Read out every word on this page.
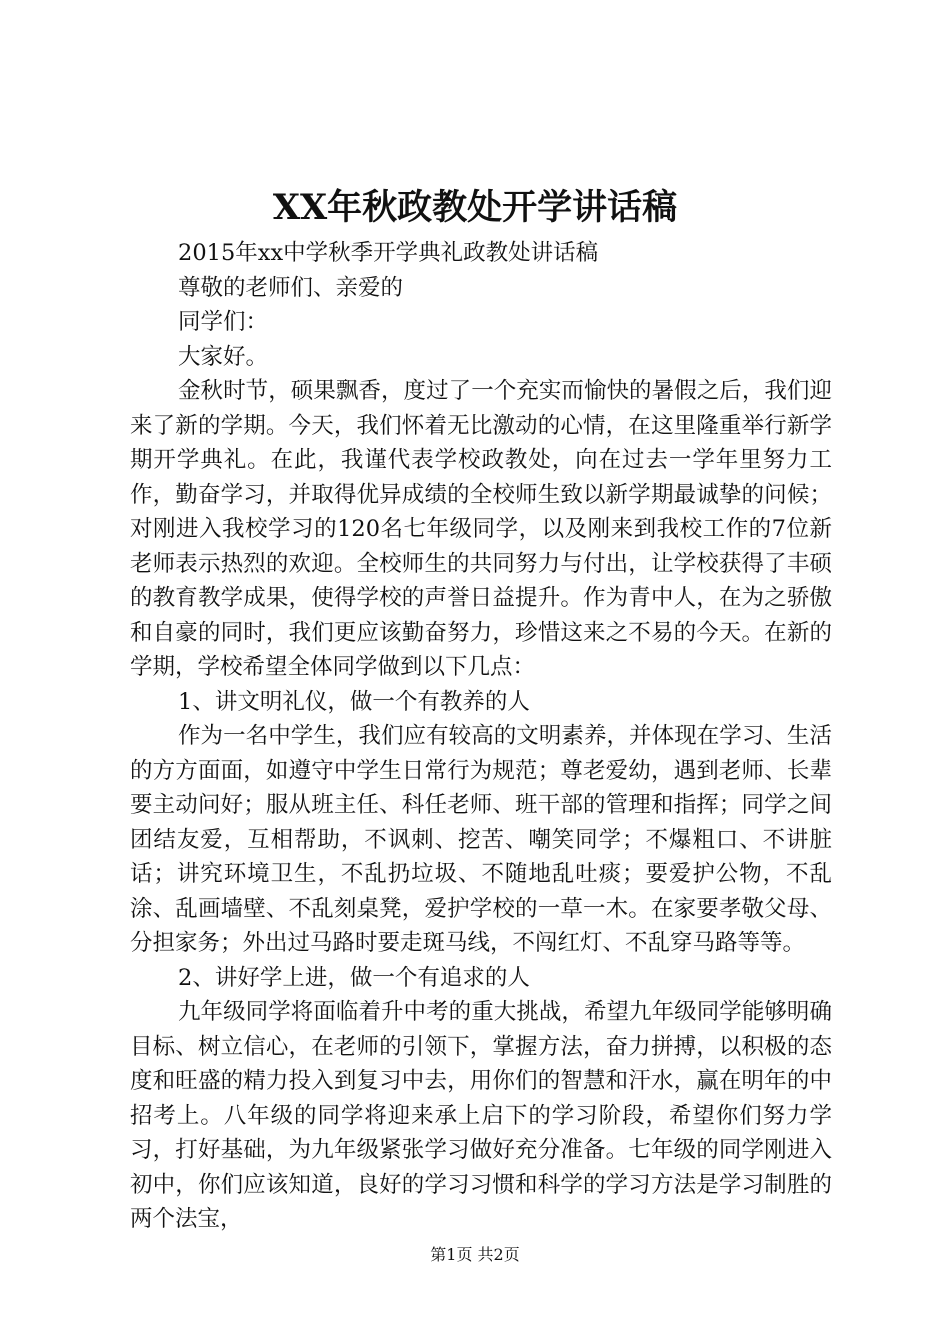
XX年秋政教处开学讲话稿
2015年xx中学秋季开学典礼政教处讲话稿
尊敬的老师们、亲爱的
同学们：
大家好。

金秋时节，硕果飘香，度过了一个充实而愉快的暑假之后，我们迎来了新的学期。今天，我们怀着无比激动的心情，在这里隆重举行新学期开学典礼。在此，我谨代表学校政教处，向在过去一学年里努力工作，勤奋学习，并取得优异成绩的全校师生致以新学期最诚挚的问候；对刚进入我校学习的120名七年级同学，以及刚来到我校工作的7位新老师表示热烈的欢迎。全校师生的共同努力与付出，让学校获得了丰硕的教育教学成果，使得学校的声誉日益提升。作为青中人，在为之骄傲和自豪的同时，我们更应该勤奋努力，珍惜这来之不易的今天。在新的学期，学校希望全体同学做到以下几点：

1、讲文明礼仪，做一个有教养的人

作为一名中学生，我们应有较高的文明素养，并体现在学习、生活的方方面面，如遵守中学生日常行为规范；尊老爱幼，遇到老师、长辈要主动问好；服从班主任、科任老师、班干部的管理和指挥；同学之间团结友爱，互相帮助，不讽刺、挖苦、嘲笑同学；不爆粗口、不讲脏话；讲究环境卫生，不乱扔垃圾、不随地乱吐痰；要爱护公物，不乱涂、乱画墙壁、不乱刻桌凳，爱护学校的一草一木。在家要孝敬父母、分担家务；外出过马路时要走斑马线，不闯红灯、不乱穿马路等等。

2、讲好学上进，做一个有追求的人

九年级同学将面临着升中考的重大挑战，希望九年级同学能够明确目标、树立信心，在老师的引领下，掌握方法，奋力拼搏，以积极的态度和旺盛的精力投入到复习中去，用你们的智慧和汗水，赢在明年的中招考上。八年级的同学将迎来承上启下的学习阶段，希望你们努力学习，打好基础，为九年级紧张学习做好充分准备。七年级的同学刚进入初中，你们应该知道，良好的学习习惯和科学的学习方法是学习制胜的两个法宝，

第1页 共2页
